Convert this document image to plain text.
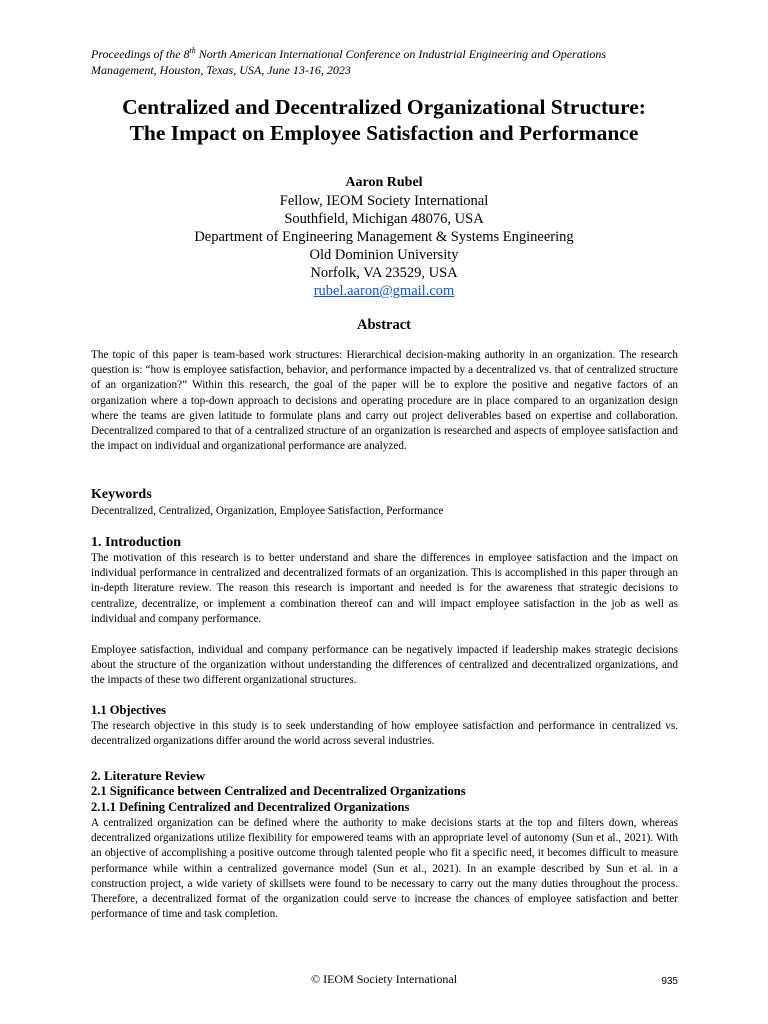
Proceedings of the 8th North American International Conference on Industrial Engineering and Operations
Management, Houston, Texas, USA, June 13-16, 2023
Centralized and Decentralized Organizational Structure:
The Impact on Employee Satisfaction and Performance
Aaron Rubel
Fellow, IEOM Society International
Southfield, Michigan 48076, USA
Department of Engineering Management & Systems Engineering
Old Dominion University
Norfolk, VA 23529, USA
rubel.aaron@gmail.com
Abstract
The topic of this paper is team-based work structures: Hierarchical decision-making authority in an organization. The research question is: “how is employee satisfaction, behavior, and performance impacted by a decentralized vs. that of centralized structure of an organization?” Within this research, the goal of the paper will be to explore the positive and negative factors of an organization where a top-down approach to decisions and operating procedure are in place compared to an organization design where the teams are given latitude to formulate plans and carry out project deliverables based on expertise and collaboration. Decentralized compared to that of a centralized structure of an organization is researched and aspects of employee satisfaction and the impact on individual and organizational performance are analyzed.
Keywords
Decentralized, Centralized, Organization, Employee Satisfaction, Performance
1. Introduction
The motivation of this research is to better understand and share the differences in employee satisfaction and the impact on individual performance in centralized and decentralized formats of an organization. This is accomplished in this paper through an in-depth literature review. The reason this research is important and needed is for the awareness that strategic decisions to centralize, decentralize, or implement a combination thereof can and will impact employee satisfaction in the job as well as individual and company performance.
Employee satisfaction, individual and company performance can be negatively impacted if leadership makes strategic decisions about the structure of the organization without understanding the differences of centralized and decentralized organizations, and the impacts of these two different organizational structures.
1.1 Objectives
The research objective in this study is to seek understanding of how employee satisfaction and performance in centralized vs. decentralized organizations differ around the world across several industries.
2. Literature Review
2.1 Significance between Centralized and Decentralized Organizations
2.1.1 Defining Centralized and Decentralized Organizations
A centralized organization can be defined where the authority to make decisions starts at the top and filters down, whereas decentralized organizations utilize flexibility for empowered teams with an appropriate level of autonomy (Sun et al., 2021). With an objective of accomplishing a positive outcome through talented people who fit a specific need, it becomes difficult to measure performance while within a centralized governance model (Sun et al., 2021). In an example described by Sun et al. in a construction project, a wide variety of skillsets were found to be necessary to carry out the many duties throughout the process. Therefore, a decentralized format of the organization could serve to increase the chances of employee satisfaction and better performance of time and task completion.
© IEOM Society International	935
